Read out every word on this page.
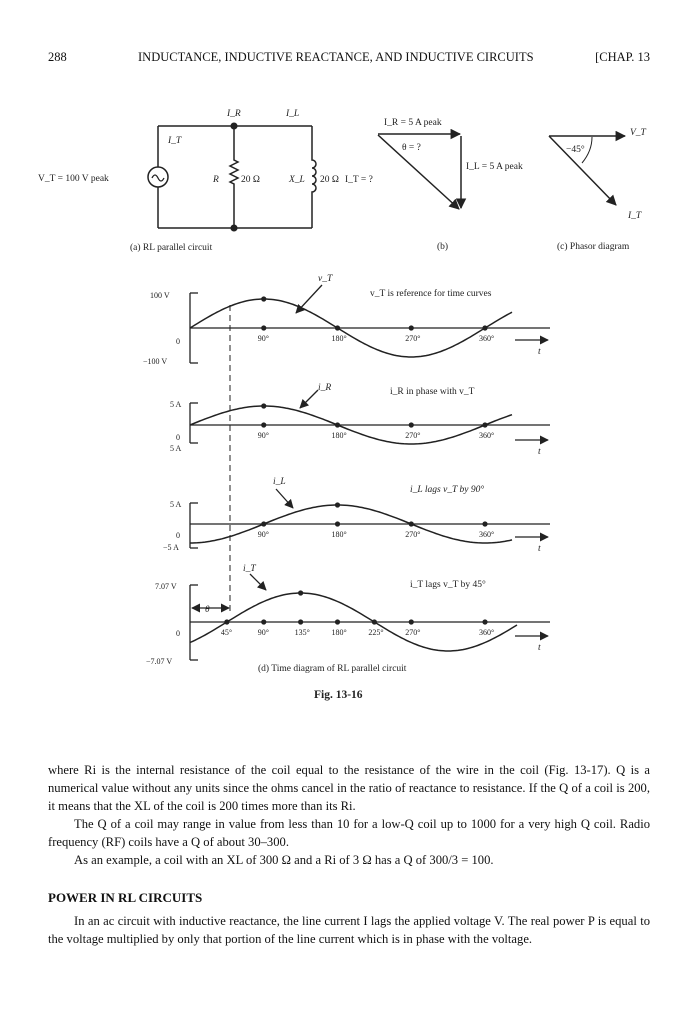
288	INDUCTANCE, INDUCTIVE REACTANCE, AND INDUCTIVE CIRCUITS	[CHAP. 13
V_T = 100 V peak
I_R	I_L
I_T
R 20 Ω	X_L 20 Ω
(a) RL parallel circuit
I_R = 5 A peak
θ = ?
I_L = 5 A peak
I_T = ?
(b)
−45°
V_T
I_T
(c) Phasor diagram
90°	180°	270°	360°
90°	180°	270°	360°
90°	180°	270°	360°
45°	90°	135°	180°	225°	270°	360°
100 V
0
−100 V
5 A
0
5 A
5 A
0
−5 A
7.07 V
0
−7.07 V
v_T
v_T is reference for time curves
i_R	i_R in phase with v_T
i_L
i_L lags v_T by 90°
i_T
i_T lags v_T by 45°
θ
t
t
t
t
(d) Time diagram of RL parallel circuit
Fig. 13-16

where Ri is the internal resistance of the coil equal to the resistance of the wire in the coil (Fig. 13-17). Q is a numerical value without any units since the ohms cancel in the ratio of reactance to resistance. If the Q of a coil is 200, it means that the XL of the coil is 200 times more than its Ri.

The Q of a coil may range in value from less than 10 for a low-Q coil up to 1000 for a very high Q coil. Radio frequency (RF) coils have a Q of about 30–300.

As an example, a coil with an XL of 300 Ω and a Ri of 3 Ω has a Q of 300/3 = 100.

POWER IN RL CIRCUITS

In an ac circuit with inductive reactance, the line current I lags the applied voltage V. The real power P is equal to the voltage multiplied by only that portion of the line current which is in phase with the voltage.
